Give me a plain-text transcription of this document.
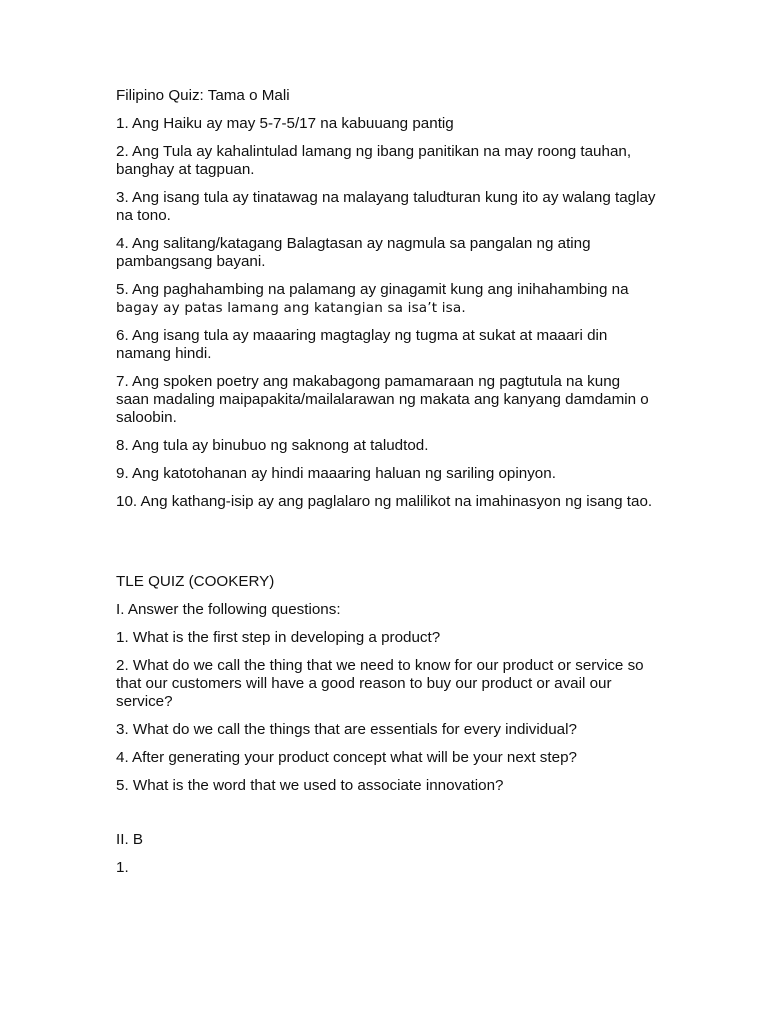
Filipino Quiz: Tama o Mali

1. Ang Haiku ay may 5-7-5/17 na kabuuang pantig

2. Ang Tula ay kahalintulad lamang ng ibang panitikan na may roong tauhan, banghay at tagpuan.

3. Ang isang tula ay tinatawag na malayang taludturan kung ito ay walang taglay na tono.

4. Ang salitang/katagang Balagtasan ay nagmula sa pangalan ng ating pambangsang bayani.

5. Ang paghahambing na palamang ay ginagamit kung ang inihahambing na
bagay ay patas lamang ang katangian sa isa’t isa.

6. Ang isang tula ay maaaring magtaglay ng tugma at sukat at maaari din namang hindi.

7. Ang spoken poetry ang makabagong pamamaraan ng pagtutula na kung saan madaling maipapakita/mailalarawan ng makata ang kanyang damdamin o saloobin.

8. Ang tula ay binubuo ng saknong at taludtod.

9. Ang katotohanan ay hindi maaaring haluan ng sariling opinyon.

10. Ang kathang-isip ay ang paglalaro ng malilikot na imahinasyon ng isang tao.

TLE QUIZ (COOKERY)

I. Answer the following questions:

1. What is the first step in developing a product?

2. What do we call the thing that we need to know for our product or service so that our customers will have a good reason to buy our product or avail our service?

3. What do we call the things that are essentials for every individual?

4. After generating your product concept what will be your next step?

5. What is the word that we used to associate innovation?

II. B

1.
